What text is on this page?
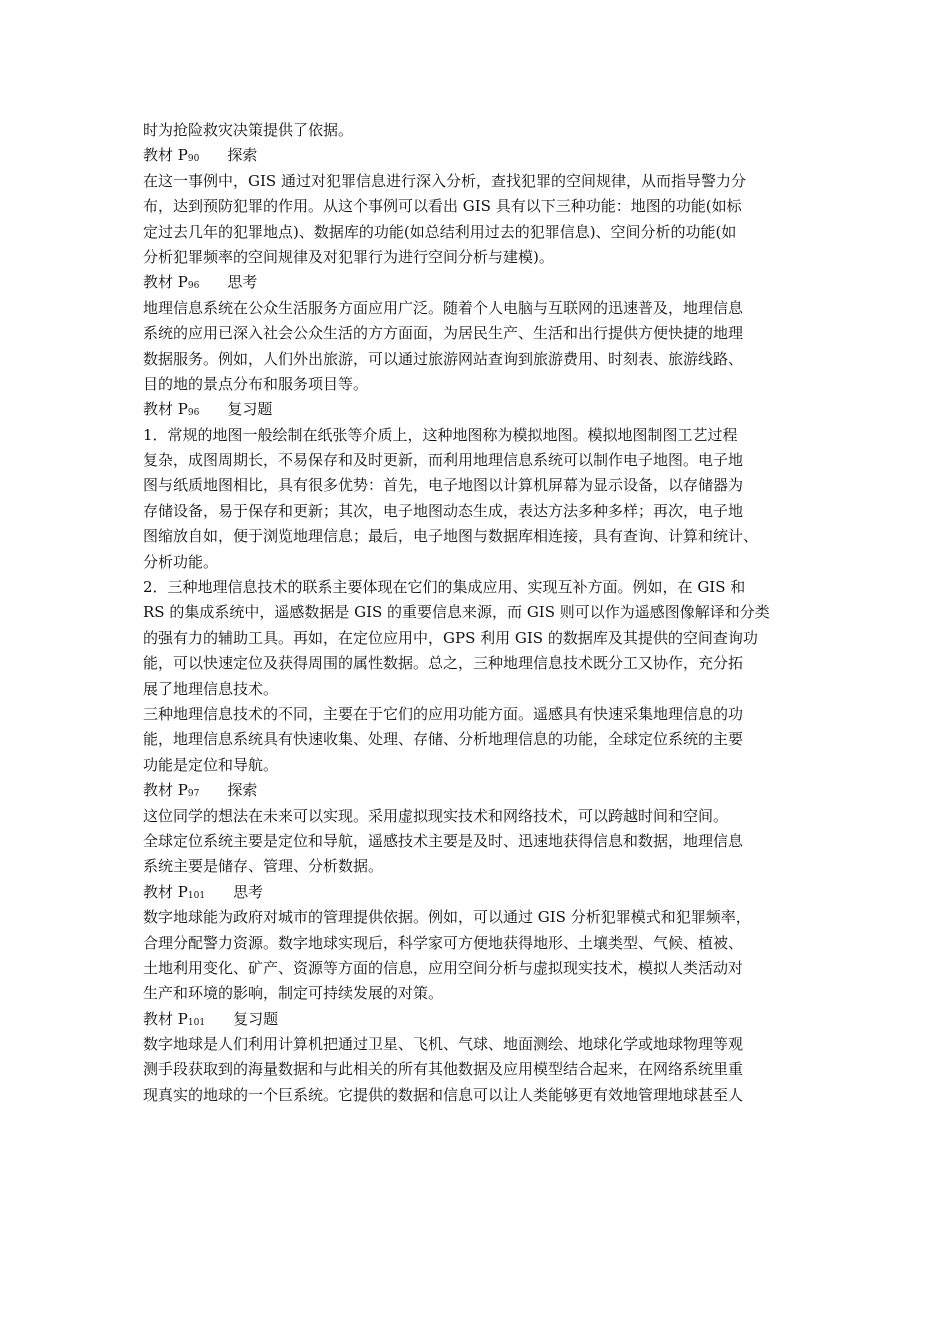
时为抢险救灾决策提供了依据。
教材 P90 探索
在这一事例中，GIS 通过对犯罪信息进行深入分析，查找犯罪的空间规律，从而指导警力分
布，达到预防犯罪的作用。从这个事例可以看出 GIS 具有以下三种功能：地图的功能(如标
定过去几年的犯罪地点)、数据库的功能(如总结利用过去的犯罪信息)、空间分析的功能(如
分析犯罪频率的空间规律及对犯罪行为进行空间分析与建模)。
教材 P96 思考
地理信息系统在公众生活服务方面应用广泛。随着个人电脑与互联网的迅速普及，地理信息
系统的应用已深入社会公众生活的方方面面，为居民生产、生活和出行提供方便快捷的地理
数据服务。例如，人们外出旅游，可以通过旅游网站查询到旅游费用、时刻表、旅游线路、
目的地的景点分布和服务项目等。
教材 P96 复习题
1．常规的地图一般绘制在纸张等介质上，这种地图称为模拟地图。模拟地图制图工艺过程
复杂，成图周期长，不易保存和及时更新，而利用地理信息系统可以制作电子地图。电子地
图与纸质地图相比，具有很多优势：首先，电子地图以计算机屏幕为显示设备，以存储器为
存储设备，易于保存和更新；其次，电子地图动态生成，表达方法多种多样；再次，电子地
图缩放自如，便于浏览地理信息；最后，电子地图与数据库相连接，具有查询、计算和统计、
分析功能。
2．三种地理信息技术的联系主要体现在它们的集成应用、实现互补方面。例如，在 GIS 和
RS 的集成系统中，遥感数据是 GIS 的重要信息来源，而 GIS 则可以作为遥感图像解译和分类
的强有力的辅助工具。再如，在定位应用中，GPS 利用 GIS 的数据库及其提供的空间查询功
能，可以快速定位及获得周围的属性数据。总之，三种地理信息技术既分工又协作，充分拓
展了地理信息技术。
三种地理信息技术的不同，主要在于它们的应用功能方面。遥感具有快速采集地理信息的功
能，地理信息系统具有快速收集、处理、存储、分析地理信息的功能，全球定位系统的主要
功能是定位和导航。
教材 P97 探索
这位同学的想法在未来可以实现。采用虚拟现实技术和网络技术，可以跨越时间和空间。
全球定位系统主要是定位和导航，遥感技术主要是及时、迅速地获得信息和数据，地理信息
系统主要是储存、管理、分析数据。
教材 P101 思考
数字地球能为政府对城市的管理提供依据。例如，可以通过 GIS 分析犯罪模式和犯罪频率，
合理分配警力资源。数字地球实现后，科学家可方便地获得地形、土壤类型、气候、植被、
土地利用变化、矿产、资源等方面的信息，应用空间分析与虚拟现实技术，模拟人类活动对
生产和环境的影响，制定可持续发展的对策。
教材 P101 复习题
数字地球是人们利用计算机把通过卫星、飞机、气球、地面测绘、地球化学或地球物理等观
测手段获取到的海量数据和与此相关的所有其他数据及应用模型结合起来，在网络系统里重
现真实的地球的一个巨系统。它提供的数据和信息可以让人类能够更有效地管理地球甚至人
